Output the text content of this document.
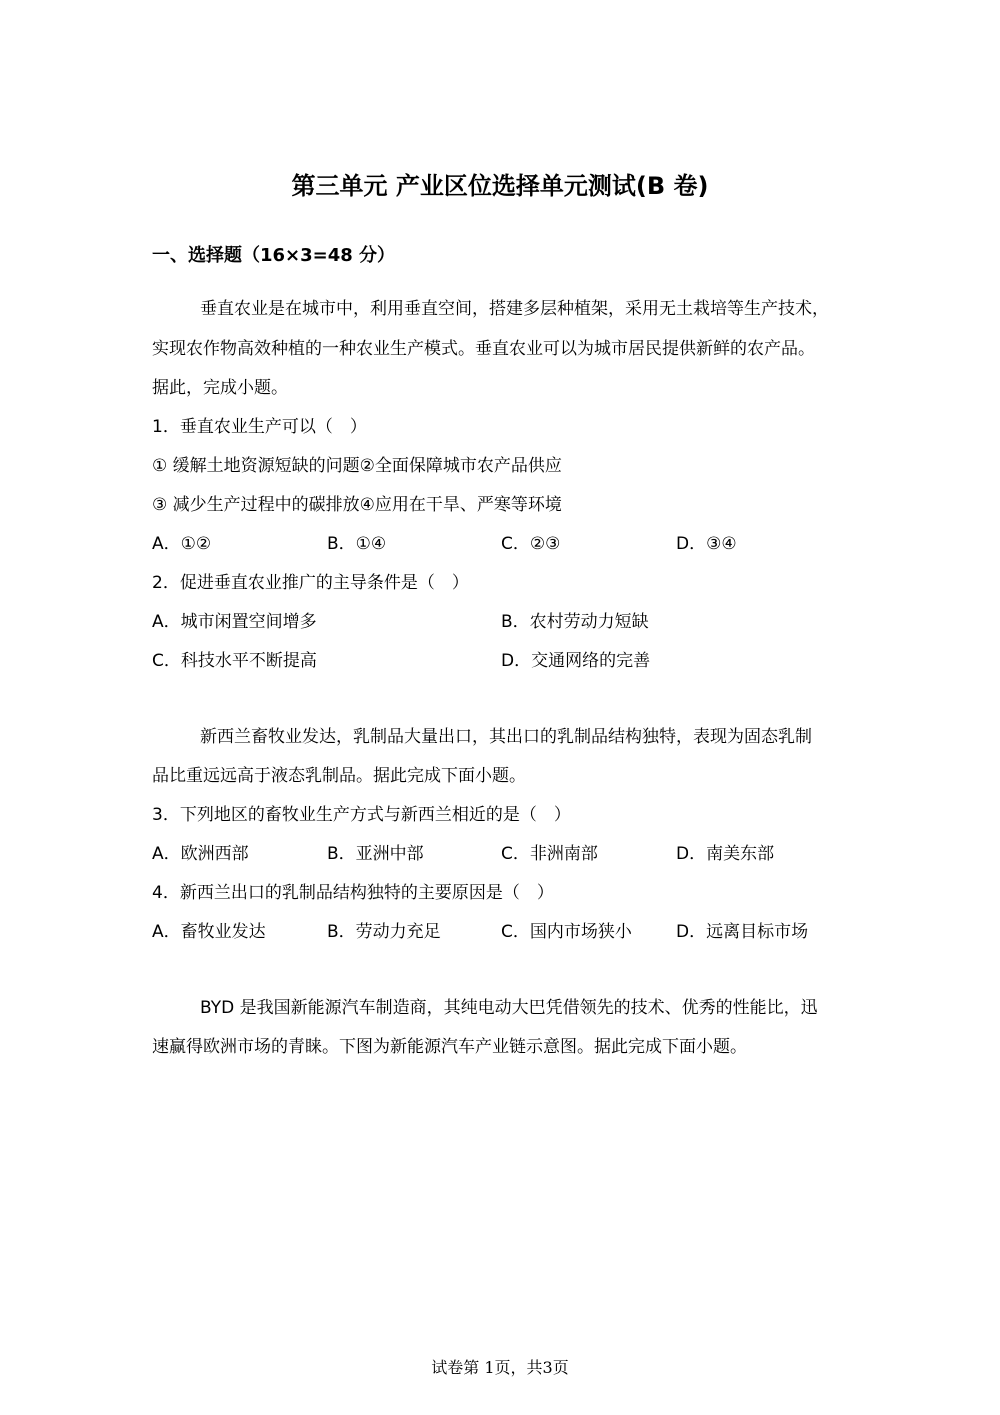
第三单元 产业区位选择单元测试(B 卷)
一、选择题（16×3=48 分）
垂直农业是在城市中，利用垂直空间，搭建多层种植架，采用无土栽培等生产技术，
实现农作物高效种植的一种农业生产模式。垂直农业可以为城市居民提供新鲜的农产品。
据此，完成小题。
1．垂直农业生产可以（　）
① 缓解土地资源短缺的问题②全面保障城市农产品供应
③ 减少生产过程中的碳排放④应用在干旱、严寒等环境
A．①②	B．①④	C．②③	D．③④
2．促进垂直农业推广的主导条件是（　）
A．城市闲置空间增多	B．农村劳动力短缺
C．科技水平不断提高	D．交通网络的完善
新西兰畜牧业发达，乳制品大量出口，其出口的乳制品结构独特，表现为固态乳制
品比重远远高于液态乳制品。据此完成下面小题。
3．下列地区的畜牧业生产方式与新西兰相近的是（　）
A．欧洲西部	B．亚洲中部	C．非洲南部	D．南美东部
4．新西兰出口的乳制品结构独特的主要原因是（　）
A．畜牧业发达	B．劳动力充足	C．国内市场狭小	D．远离目标市场
BYD 是我国新能源汽车制造商，其纯电动大巴凭借领先的技术、优秀的性能比，迅
速赢得欧洲市场的青睐。下图为新能源汽车产业链示意图。据此完成下面小题。
试卷第 1页，共3页
